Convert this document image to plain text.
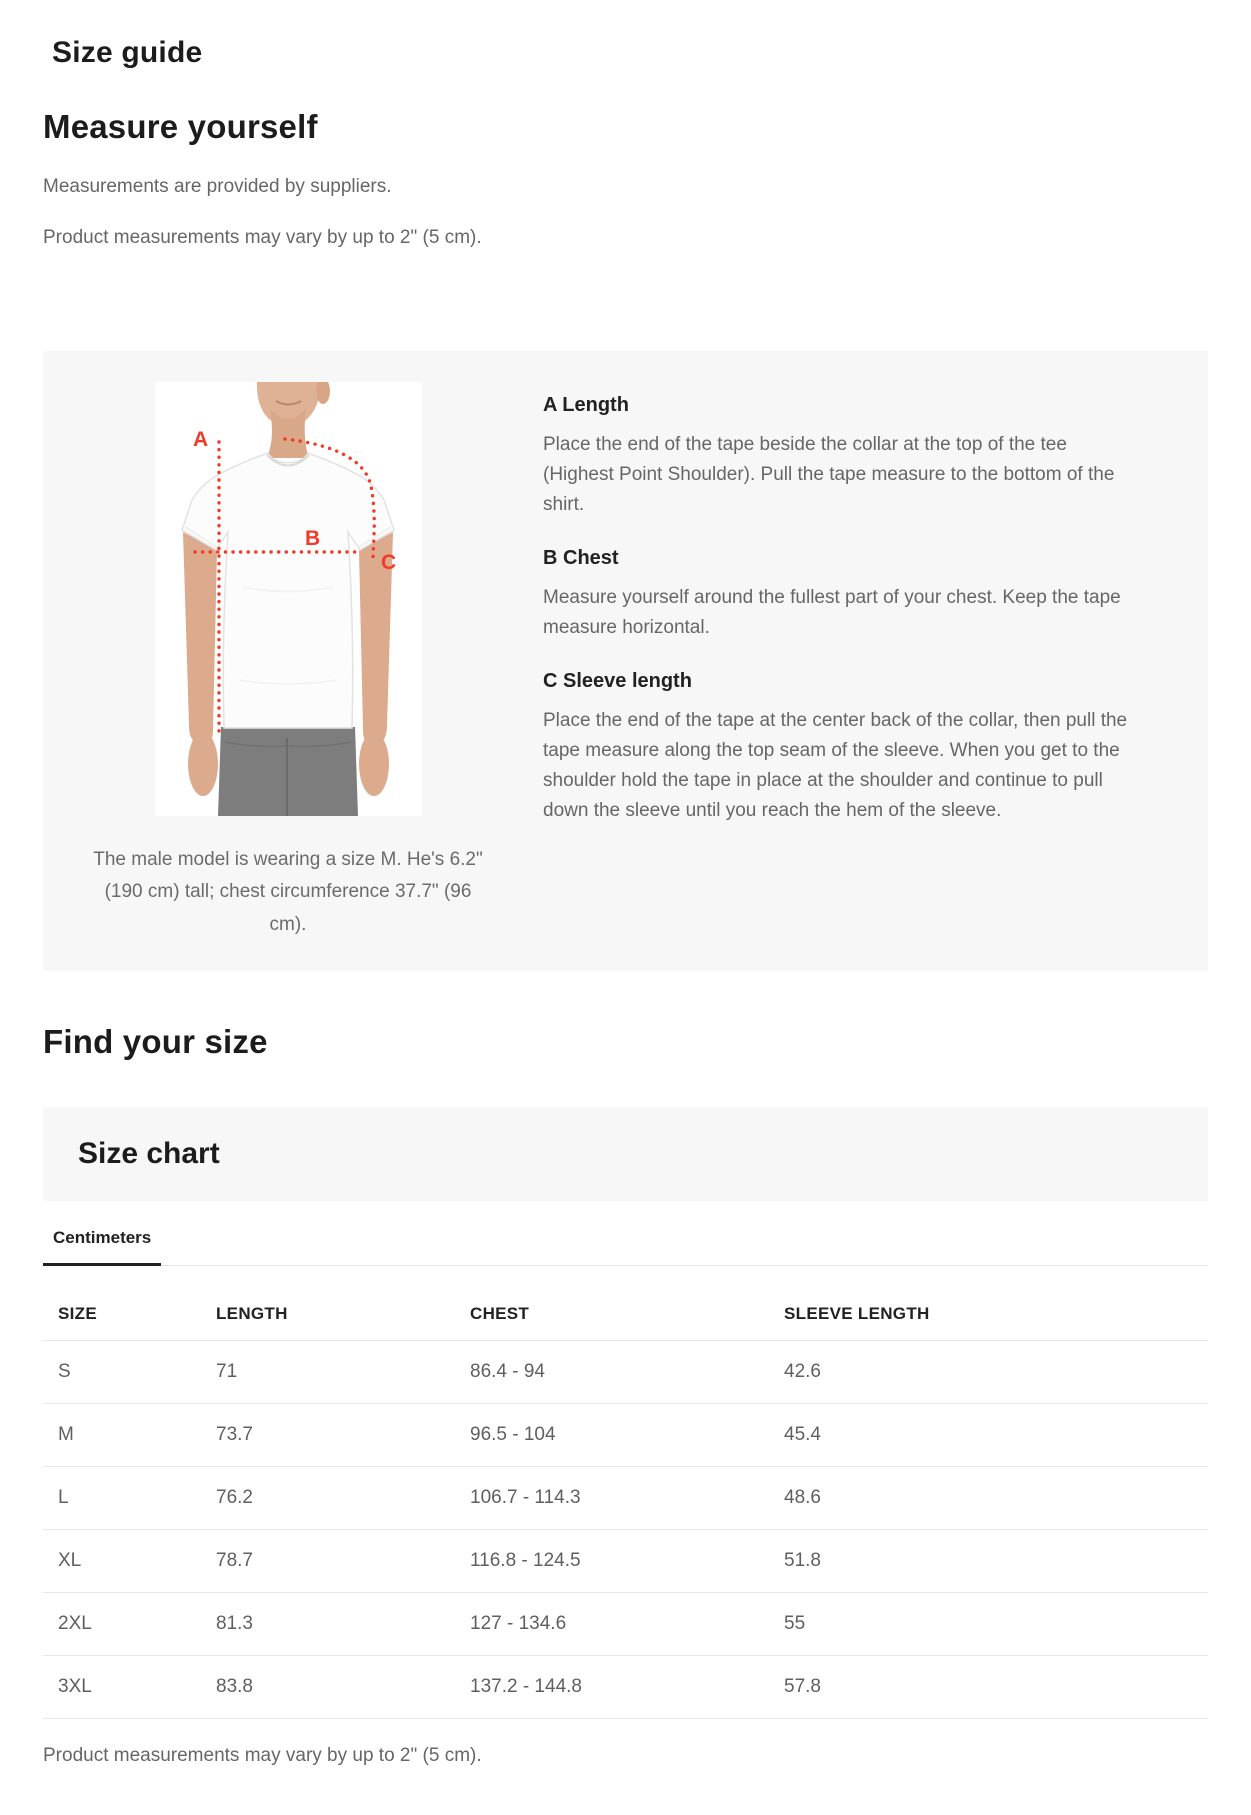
Size guide
Measure yourself
Measurements are provided by suppliers.
Product measurements may vary by up to 2" (5 cm).
A
B
C
The male model is wearing a size M. He's 6.2" (190 cm) tall; chest circumference 37.7" (96 cm).
A Length
Place the end of the tape beside the collar at the top of the tee (Highest Point Shoulder). Pull the tape measure to the bottom of the shirt.
B Chest
Measure yourself around the fullest part of your chest. Keep the tape measure horizontal.
C Sleeve length
Place the end of the tape at the center back of the collar, then pull the tape measure along the top seam of the sleeve. When you get to the shoulder hold the tape in place at the shoulder and continue to pull down the sleeve until you reach the hem of the sleeve.
Find your size
Size chart
Centimeters
SIZE	LENGTH	CHEST	SLEEVE LENGTH
S	71	86.4 - 94	42.6
M	73.7	96.5 - 104	45.4
L	76.2	106.7 - 114.3	48.6
XL	78.7	116.8 - 124.5	51.8
2XL	81.3	127 - 134.6	55
3XL	83.8	137.2 - 144.8	57.8
Product measurements may vary by up to 2" (5 cm).
